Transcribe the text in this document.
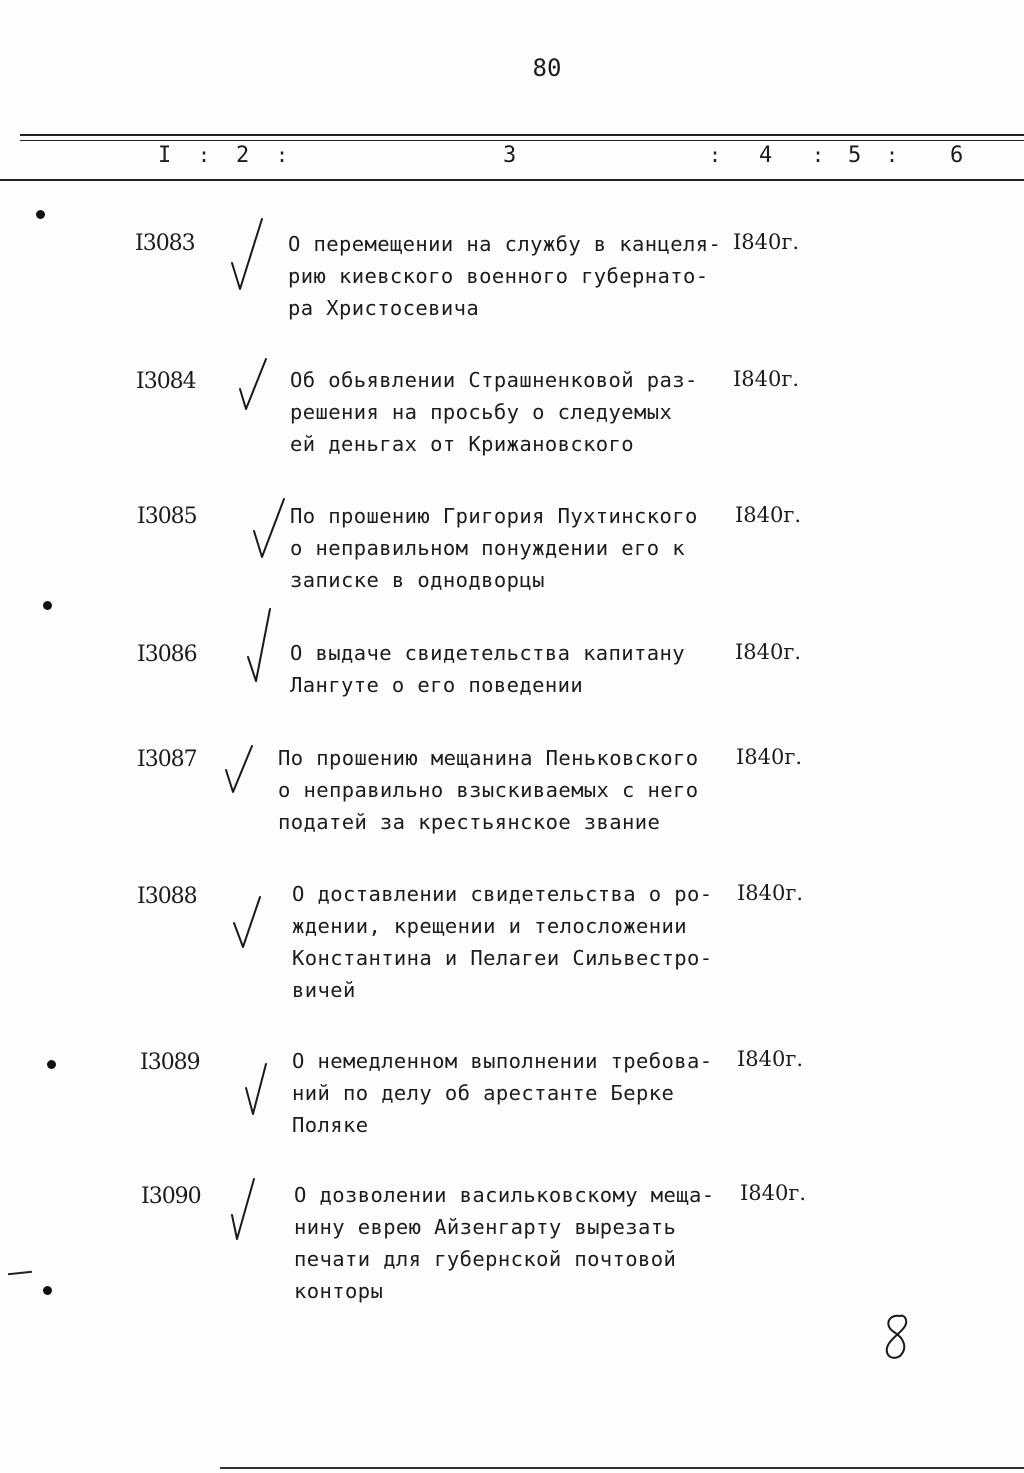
80
I : 2 :	3	: 4 : 5 : 6
I3083	О перемещении на службу в канцеля-
рию киевского военного губернато-
ра Христосевича
I840г.
I3084	Об обьявлении Страшненковой раз-
решения на просьбу о следуемых
ей деньгах от Крижановского
I840г.
I3085	По прошению Григория Пухтинского
о неправильном понуждении его к
записке в однодворцы
I840г.
I3086	О выдаче свидетельства капитану
Лангуте о его поведении
I840г.
I3087	По прошению мещанина Пеньковского
о неправильно взыскиваемых с него
податей за крестьянское звание
I840г.
I3088	О доставлении свидетельства о ро-
ждении, крещении и телосложении
Константина и Пелагеи Сильвестро-
вичей
I840г.
I3089	О немедленном выполнении требова-
ний по делу об арестанте Берке
Поляке
I840г.
I3090	О дозволении васильковскому меща-
нину еврею Айзенгарту вырезать
печати для губернской почтовой
конторы
I840г.
